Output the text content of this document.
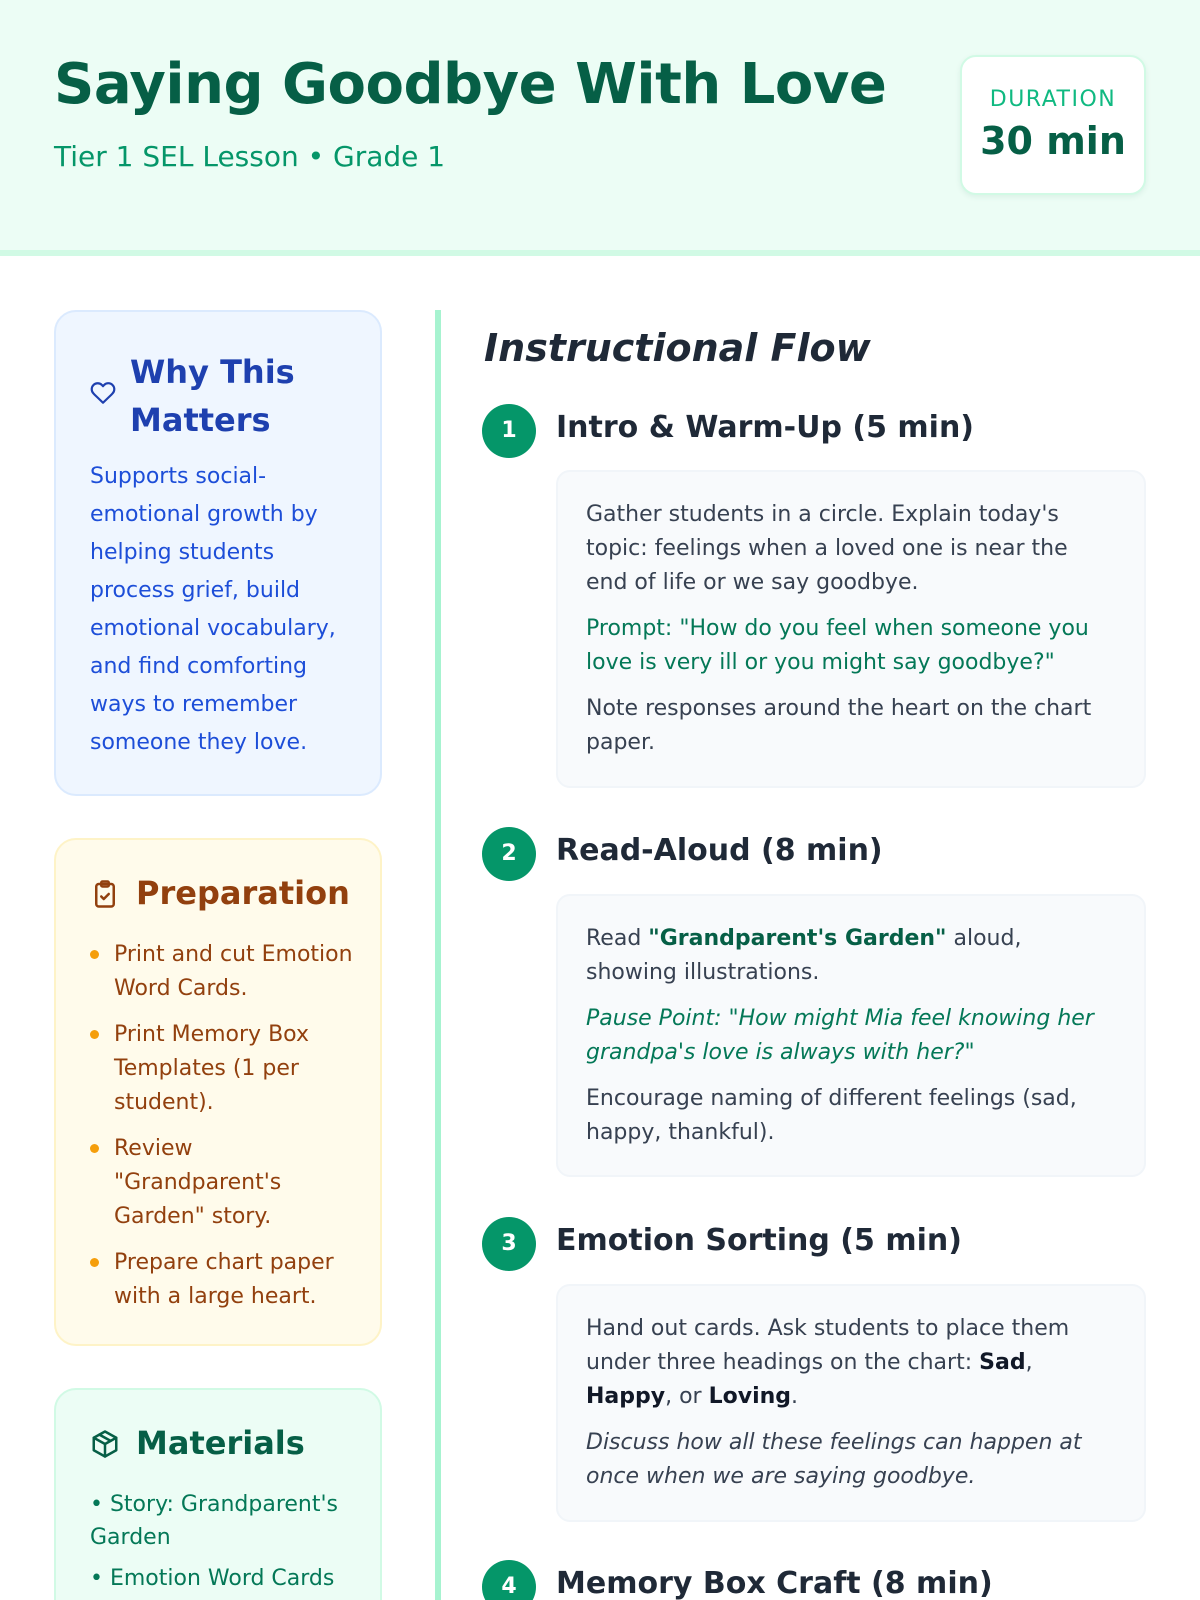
Saying Goodbye With Love
Tier 1 SEL Lesson • Grade 1
DURATION
30 min
Why This Matters
Supports social-emotional growth by helping students process grief, build emotional vocabulary, and find comforting ways to remember someone they love.
Preparation
Print and cut Emotion Word Cards.
Print Memory Box Templates (1 per student).
Review "Grandparent's Garden" story.
Prepare chart paper with a large heart.
Materials
• Story: Grandparent's Garden
• Emotion Word Cards
Instructional Flow
1	Intro & Warm-Up (5 min)

Gather students in a circle. Explain today's topic: feelings when a loved one is near the end of life or we say goodbye.

Prompt: "How do you feel when someone you love is very ill or you might say goodbye?"

Note responses around the heart on the chart paper.

2	Read-Aloud (8 min)

Read "Grandparent's Garden" aloud, showing illustrations.

Pause Point: "How might Mia feel knowing her grandpa's love is always with her?"

Encourage naming of different feelings (sad, happy, thankful).

3	Emotion Sorting (5 min)

Hand out cards. Ask students to place them under three headings on the chart: Sad, Happy, or Loving.

Discuss how all these feelings can happen at once when we are saying goodbye.

4	Memory Box Craft (8 min)
